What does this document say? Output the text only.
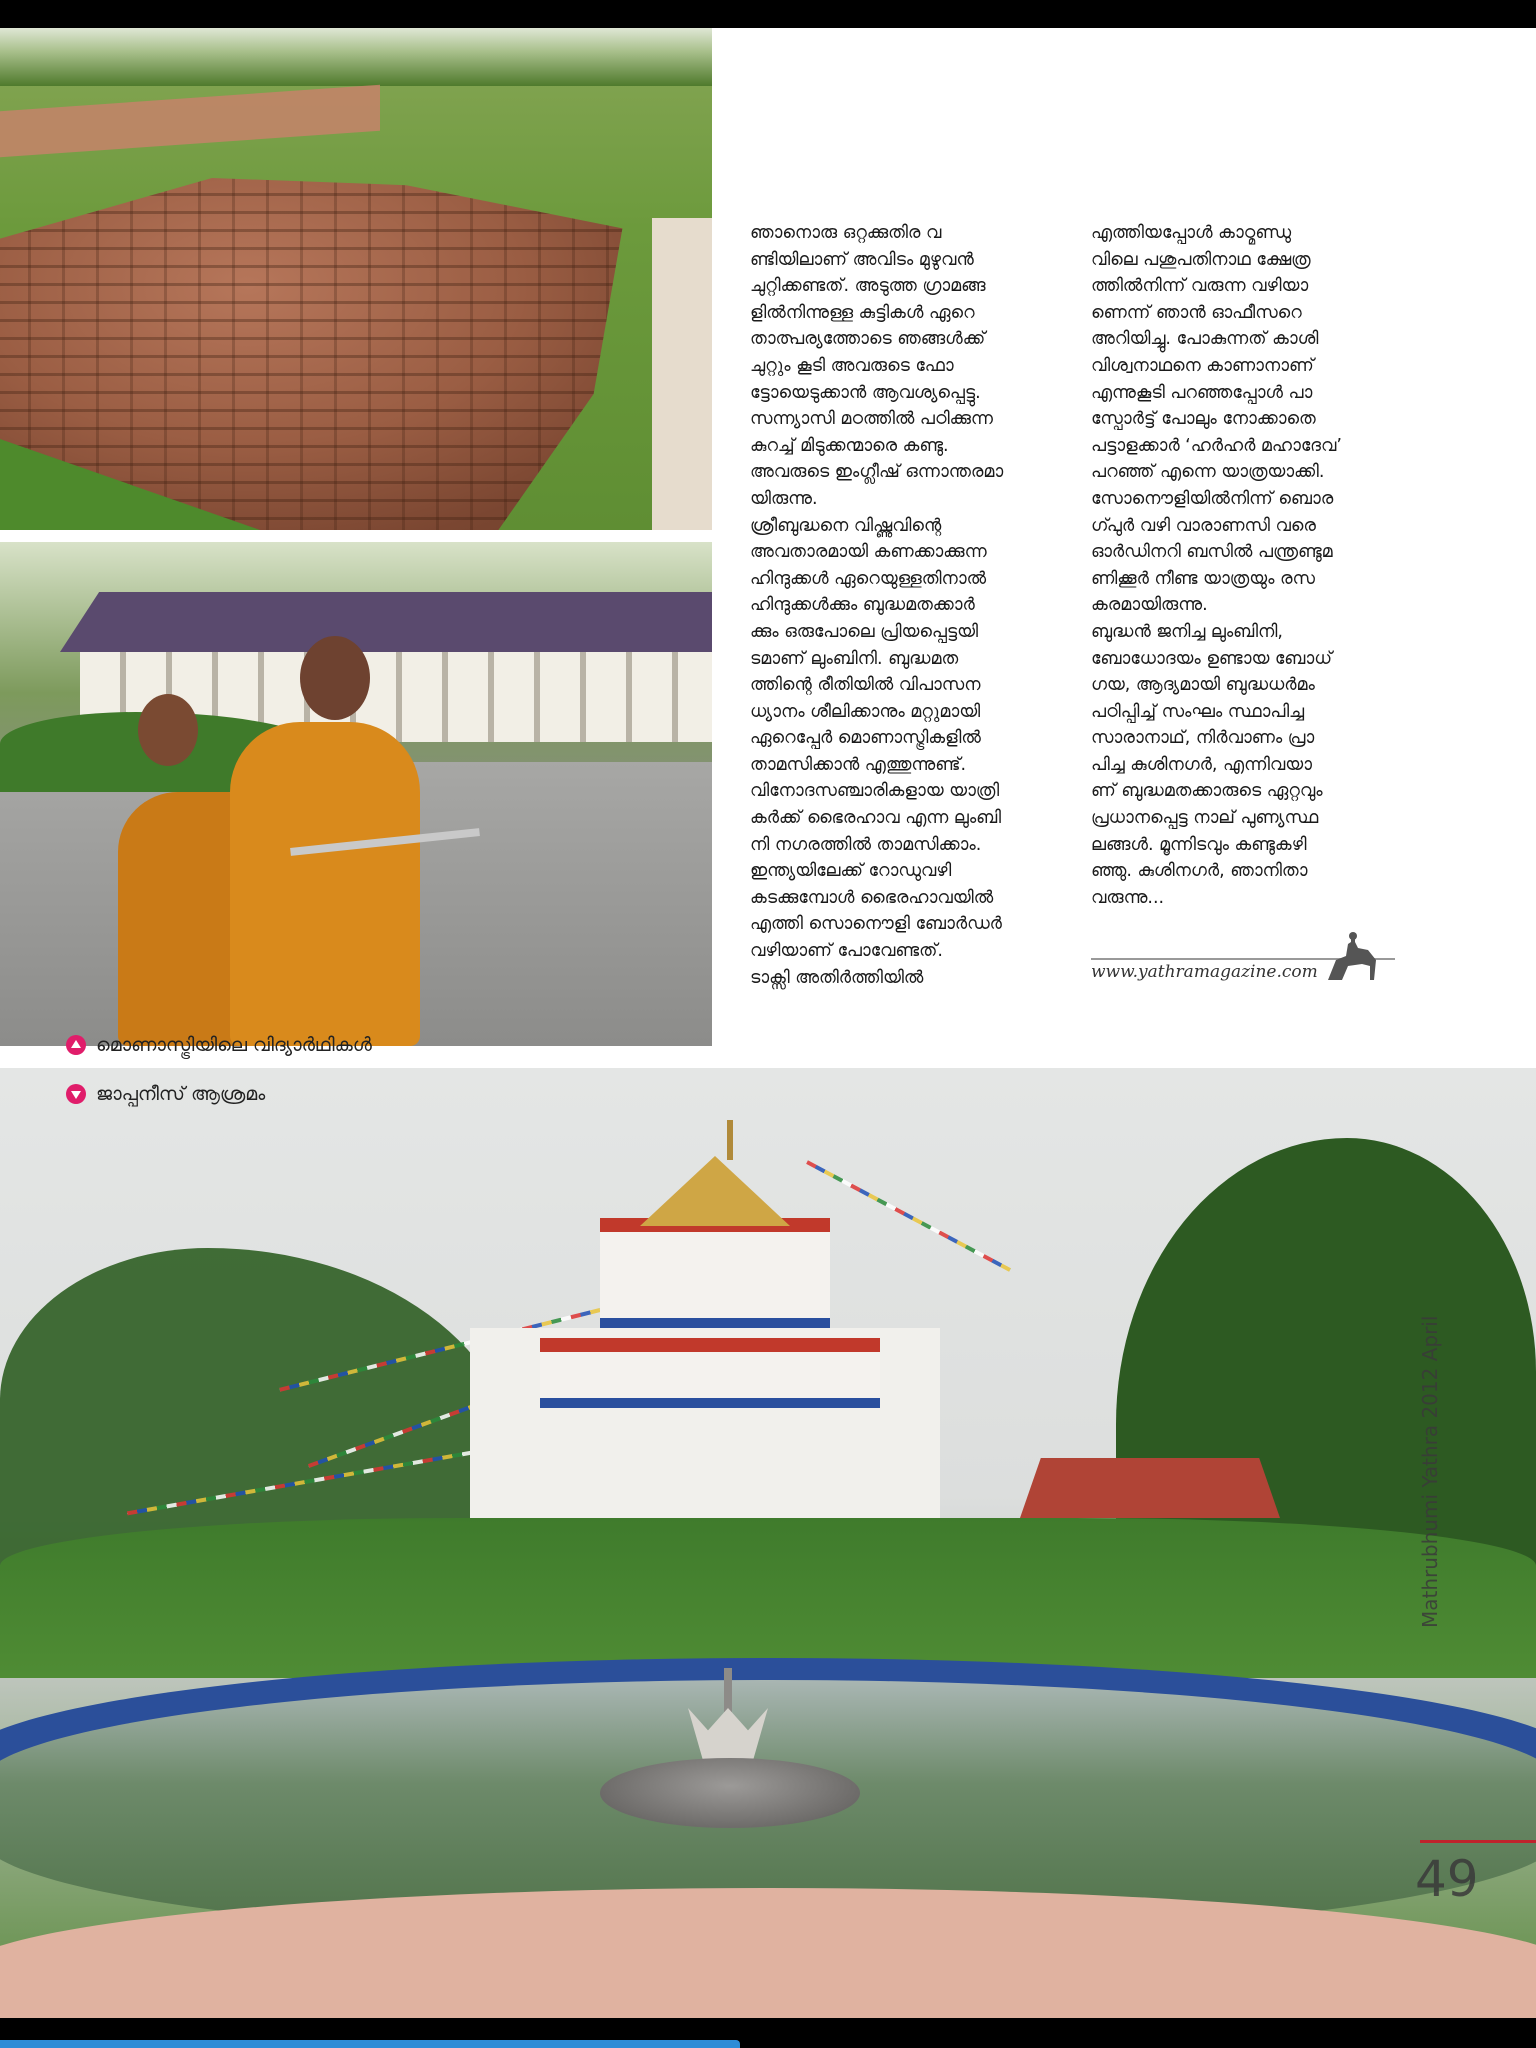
ഞാനൊരു ഒറ്റക്കുതിര വ
ണ്ടിയിലാണ് അവിടം മുഴുവൻ
ചുറ്റിക്കണ്ടത്. അടുത്ത ഗ്രാമങ്ങ
ളിൽനിന്നുള്ള കുട്ടികൾ ഏറെ
താത്പര്യത്തോടെ ഞങ്ങൾക്ക്
ചുറ്റും കൂടി അവരുടെ ഫോ
ട്ടോയെടുക്കാൻ ആവശ്യപ്പെട്ടു.
സന്ന്യാസി മഠത്തിൽ പഠിക്കുന്ന
കുറച്ച് മിടുക്കന്മാരെ കണ്ടു.
അവരുടെ ഇംഗ്ലീഷ് ഒന്നാന്തരമാ
യിരുന്നു.
ശ്രീബുദ്ധനെ വിഷ്ണുവിന്റെ
അവതാരമായി കണക്കാക്കുന്ന
ഹിന്ദുക്കൾ ഏറെയുള്ളതിനാൽ
ഹിന്ദുക്കൾക്കും ബുദ്ധമതക്കാർ
ക്കും ഒരുപോലെ പ്രിയപ്പെട്ടയി
ടമാണ് ലുംബിനി. ബുദ്ധമത
ത്തിന്റെ രീതിയിൽ വിപാസന
ധ്യാനം ശീലിക്കാനും മറ്റുമായി
ഏറെപ്പേർ മൊണാസ്ട്രികളിൽ
താമസിക്കാൻ എത്തുന്നുണ്ട്.
വിനോദസഞ്ചാരികളായ യാത്രി
കർക്ക് ഭൈരഹാവ എന്ന ലുംബി
നി നഗരത്തിൽ താമസിക്കാം.
ഇന്ത്യയിലേക്ക് റോഡുവഴി
കടക്കുമ്പോൾ ഭൈരഹാവയിൽ
എത്തി സൊനൌളി ബോർഡർ
വഴിയാണ് പോവേണ്ടത്.
ടാക്സി അതിർത്തിയിൽ
എത്തിയപ്പോൾ കാഠ്മണ്ഡു
വിലെ പശുപതിനാഥ ക്ഷേത്ര
ത്തിൽനിന്ന് വരുന്ന വഴിയാ
ണെന്ന് ഞാൻ ഓഫീസറെ
അറിയിച്ചു. പോകുന്നത് കാശി
വിശ്വനാഥനെ കാണാനാണ്
എന്നുകൂടി പറഞ്ഞപ്പോൾ പാ
സ്പോർട്ട് പോലും നോക്കാതെ
പട്ടാളക്കാർ ‘ഹർഹർ മഹാദേവ’
പറഞ്ഞ് എന്നെ യാത്രയാക്കി.
സോനൌളിയിൽനിന്ന് ബൊര
ഗ്പുർ വഴി വാരാണസി വരെ
ഓർഡിനറി ബസിൽ പന്ത്രണ്ടുമ
ണിക്കൂർ നീണ്ട യാത്രയും രസ
കരമായിരുന്നു.
ബുദ്ധൻ ജനിച്ച ലുംബിനി,
ബോധോദയം ഉണ്ടായ ബോധ്
ഗയ, ആദ്യമായി ബുദ്ധധർമം
പഠിപ്പിച്ച് സംഘം സ്ഥാപിച്ച
സാരാനാഥ്, നിർവാണം പ്രാ
പിച്ച കുശിനഗർ, എന്നിവയാ
ണ് ബുദ്ധമതക്കാരുടെ ഏറ്റവും
പ്രധാനപ്പെട്ട നാല് പുണ്യസ്ഥ
ലങ്ങൾ. മൂന്നിടവും കണ്ടുകഴി
ഞ്ഞു. കുശിനഗർ, ഞാനിതാ
വരുന്നു...
www.yathramagazine.com
മൊണാസ്ട്രിയിലെ വിദ്യാർഥികൾ
ജാപ്പനീസ് ആശ്രമം
Mathrubhumi Yathra 2012 April
49
